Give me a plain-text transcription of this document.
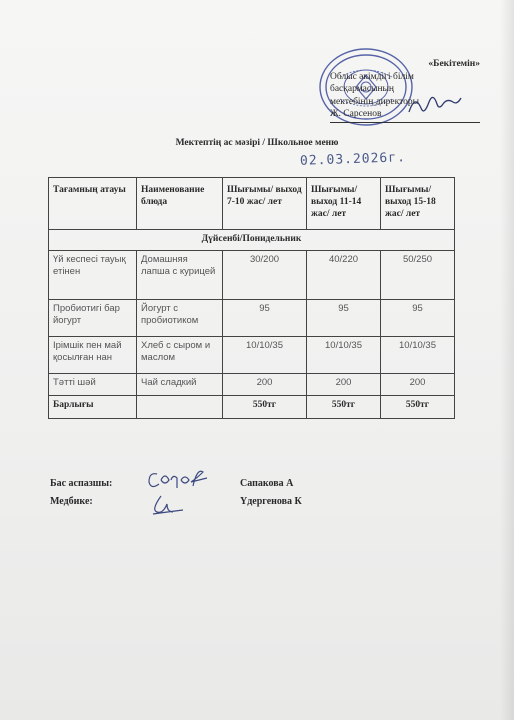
«Бекітемін»
Облыс әкімдігі білім басқармасының
мектебінің директоры
Ж. Сарсенов
Мектептің ас мәзірі / Школьное меню
02.03.2026г.
Тағамның атауы	Наименование блюда	Шығымы/ выход 7-10 жас/ лет	Шығымы/ выход 11-14 жас/ лет	Шығымы/ выход 15-18 жас/ лет
Дүйсенбі/Понидельник				
Үй кеспесі тауық етінен	Домашняя лапша с курицей	30/200	40/220	50/250
Пробиотигі бар йогурт	Йогурт с пробиотиком	95	95	95
Ірімшік пен май қосылған нан	Хлеб с сыром и маслом	10/10/35	10/10/35	10/10/35
Тәтті шәй	Чай сладкий	200	200	200
Барлығы		550тг	550тг	550тг
Бас аспазшы:	Сапакова А
Медбике:	Үдергенова К
